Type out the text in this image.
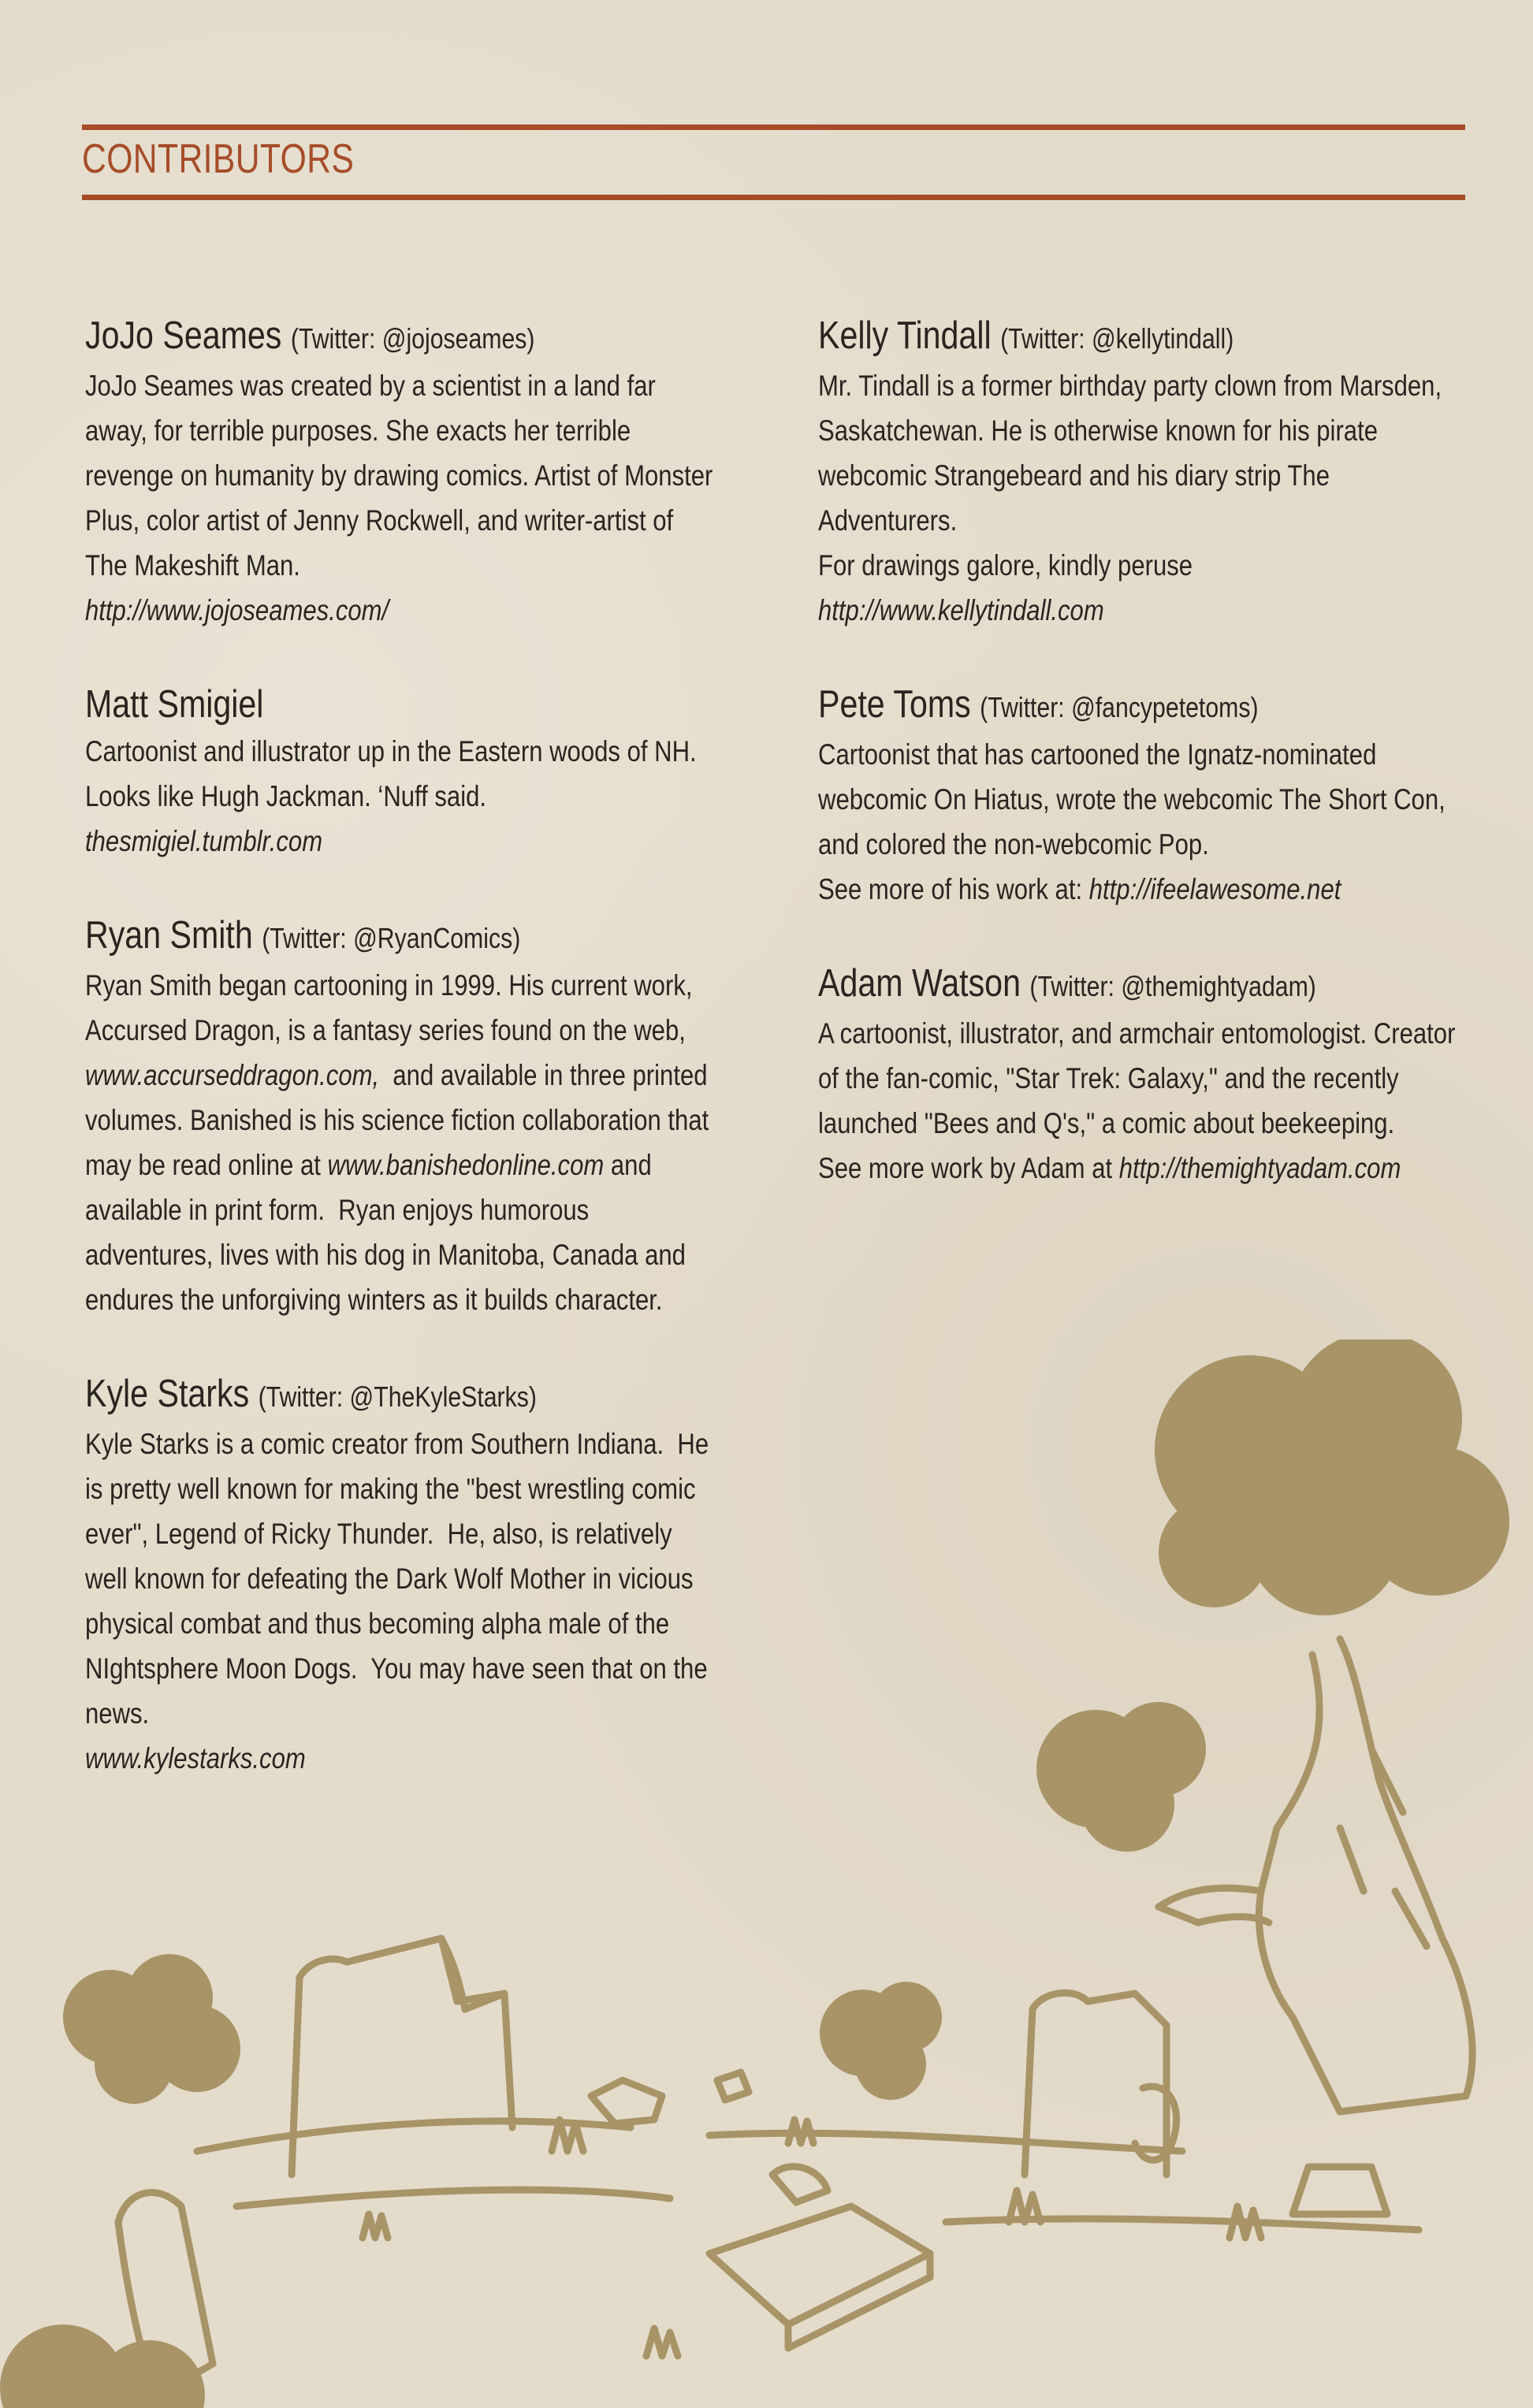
CONTRIBUTORS
JoJo Seames (Twitter: @jojoseames)
JoJo Seames was created by a scientist in a land far
away, for terrible purposes. She exacts her terrible
revenge on humanity by drawing comics. Artist of Monster
Plus, color artist of Jenny Rockwell, and writer-artist of
The Makeshift Man.
http://www.jojoseames.com/
Matt Smigiel
Cartoonist and illustrator up in the Eastern woods of NH.
Looks like Hugh Jackman. ‘Nuff said.
thesmigiel.tumblr.com
Ryan Smith (Twitter: @RyanComics)
Ryan Smith began cartooning in 1999. His current work,
Accursed Dragon, is a fantasy series found on the web,
www.accurseddragon.com,  and available in three printed
volumes. Banished is his science fiction collaboration that
may be read online at www.banishedonline.com and
available in print form.  Ryan enjoys humorous
adventures, lives with his dog in Manitoba, Canada and
endures the unforgiving winters as it builds character.
Kyle Starks (Twitter: @TheKyleStarks)
Kyle Starks is a comic creator from Southern Indiana.  He
is pretty well known for making the "best wrestling comic
ever", Legend of Ricky Thunder.  He, also, is relatively
well known for defeating the Dark Wolf Mother in vicious
physical combat and thus becoming alpha male of the
NIghtsphere Moon Dogs.  You may have seen that on the
news.
www.kylestarks.com
Kelly Tindall (Twitter: @kellytindall)
Mr. Tindall is a former birthday party clown from Marsden,
Saskatchewan. He is otherwise known for his pirate
webcomic Strangebeard and his diary strip The Adventurers.
For drawings galore, kindly peruse
http://www.kellytindall.com
Pete Toms (Twitter: @fancypetetoms)
Cartoonist that has cartooned the Ignatz-nominated
webcomic On Hiatus, wrote the webcomic The Short Con,
and colored the non-webcomic Pop.
See more of his work at: http://ifeelawesome.net
Adam Watson (Twitter: @themightyadam)
A cartoonist, illustrator, and armchair entomologist. Creator
of the fan-comic, "Star Trek: Galaxy," and the recently
launched "Bees and Q's," a comic about beekeeping.
See more work by Adam at http://themightyadam.com
